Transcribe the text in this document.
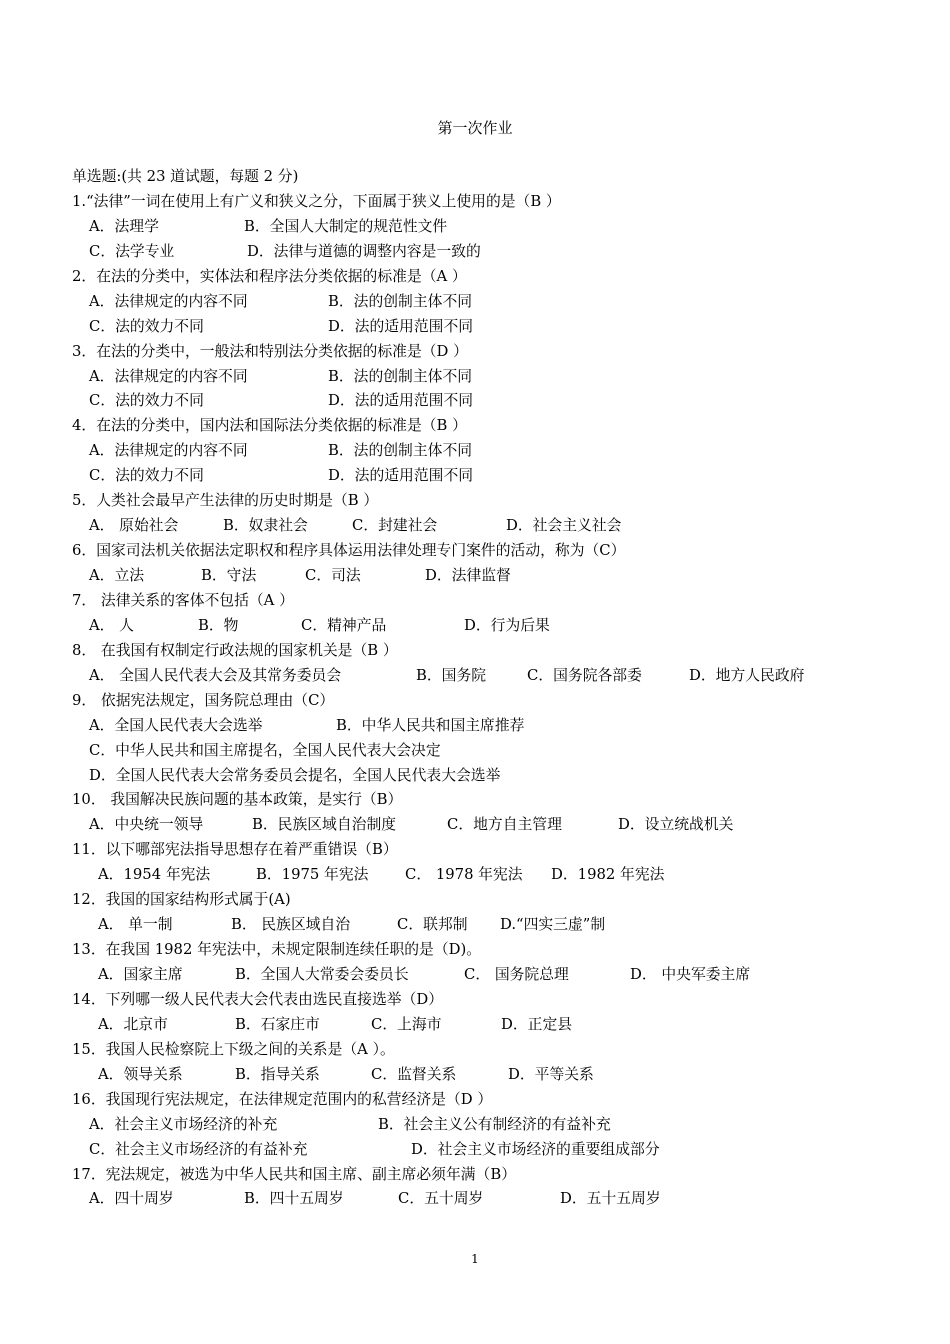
第一次作业
单选题:(共 23 道试题，每题 2 分)
1.“法律”一词在使用上有广义和狭义之分，下面属于狭义上使用的是（B ）
A．法理学	B．全国人大制定的规范性文件
C．法学专业	D．法律与道德的调整内容是一致的
2．在法的分类中，实体法和程序法分类依据的标准是（A ）
A．法律规定的内容不同	B．法的创制主体不同
C．法的效力不同	D．法的适用范围不同
3．在法的分类中，一般法和特别法分类依据的标准是（D ）
A．法律规定的内容不同	B．法的创制主体不同
C．法的效力不同	D．法的适用范围不同
4．在法的分类中，国内法和国际法分类依据的标准是（B ）
A．法律规定的内容不同	B．法的创制主体不同
C．法的效力不同	D．法的适用范围不同
5．人类社会最早产生法律的历史时期是（B ）
A． 原始社会	B．奴隶社会	C．封建社会	D．社会主义社会
6．国家司法机关依据法定职权和程序具体运用法律处理专门案件的活动，称为（C）
A．立法	B．守法	C．司法	D．法律监督
7． 法律关系的客体不包括（A ）
A． 人	B．物	C．精神产品	D．行为后果
8． 在我国有权制定行政法规的国家机关是（B ）
A． 全国人民代表大会及其常务委员会	B．国务院	C．国务院各部委	D．地方人民政府
9． 依据宪法规定，国务院总理由（C）
A．全国人民代表大会选举	B．中华人民共和国主席推荐
C．中华人民共和国主席提名，全国人民代表大会决定
D．全国人民代表大会常务委员会提名，全国人民代表大会选举
10． 我国解决民族问题的基本政策，是实行（B）
A．中央统一领导	B．民族区域自治制度	C．地方自主管理	D．设立统战机关
11．以下哪部宪法指导思想存在着严重错误（B）
A．1954 年宪法	B．1975 年宪法 C． 1978 年宪法 D．1982 年宪法
12．我国的国家结构形式属于(A)
A． 单一制	B． 民族区域自治	C．联邦制 D.“四实三虚”制
13．在我国 1982 年宪法中，未规定限制连续任职的是（D)。
A．国家主席	B．全国人大常委会委员长	C． 国务院总理	D． 中央军委主席
14．下列哪一级人民代表大会代表由选民直接选举（D）
A．北京市	B．石家庄市	C．上海市	D．正定县
15．我国人民检察院上下级之间的关系是（A ）。
A．领导关系	B．指导关系	C．监督关系	D．平等关系
16．我国现行宪法规定，在法律规定范围内的私营经济是（D ）
A．社会主义市场经济的补充	B．社会主义公有制经济的有益补充
C．社会主义市场经济的有益补充	D．社会主义市场经济的重要组成部分
17．宪法规定，被选为中华人民共和国主席、副主席必须年满（B）
A．四十周岁	B．四十五周岁	C．五十周岁	D．五十五周岁
1
